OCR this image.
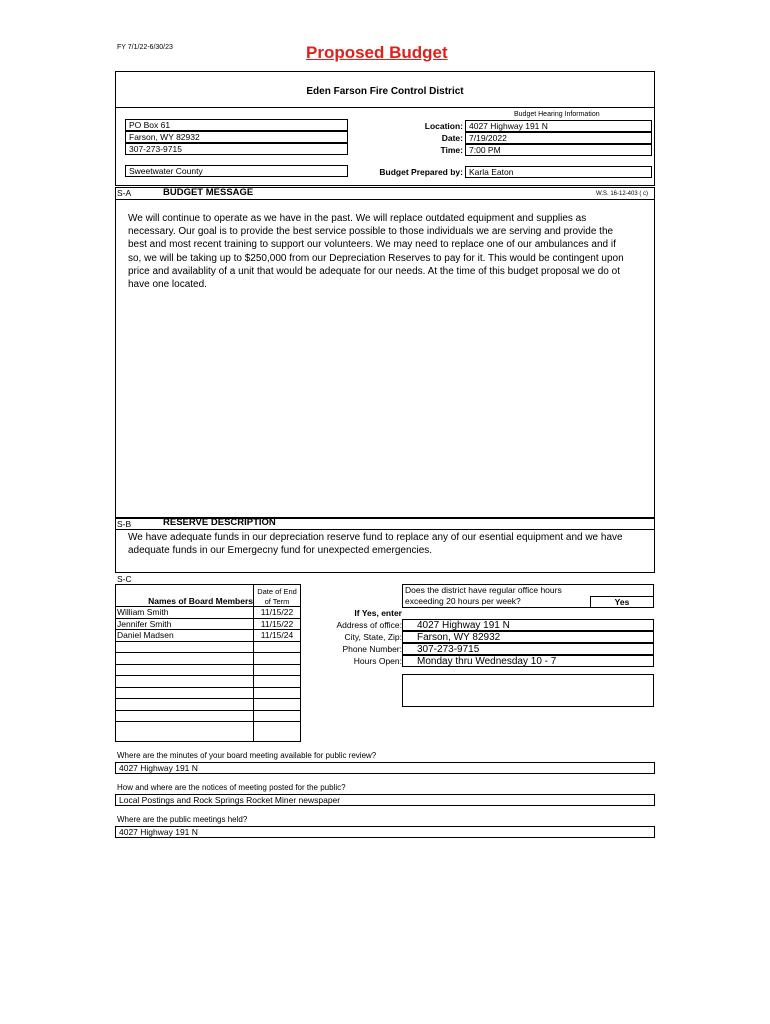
FY 7/1/22-6/30/23	Proposed Budget
Eden Farson Fire Control District
PO Box 61
Farson, WY 82932
307-273-9715
Sweetwater County
Budget Hearing Information
Location: 4027 Highway 191 N
Date: 7/19/2022
Time: 7:00 PM
Budget Prepared by: Karla Eaton
S-A	BUDGET MESSAGE	W.S. 16-12-403 ( c)
We will continue to operate as we have in the past. We will replace outdated equipment and supplies as
necessary. Our goal is to provide the best service possible to those individuals we are serving and provide the
best and most recent training to support our volunteers. We may need to replace one of our ambulances and if
so, we will be taking up to $250,000 from our Depreciation Reserves to pay for it. This would be contingent upon
price and availablity of a unit that would be adequate for our needs. At the time of this budget proposal we do ot
have one located.
S-B	RESERVE DESCRIPTION
We have adequate funds in our depreciation reserve fund to replace any of our esential equipment and we have
adequate funds in our Emergecny fund for unexpected emergencies.
S-C
Names of Board Members
Date of End
of Term
William Smith	11/15/22
Jennifer Smith	11/15/22
Daniel Madsen	11/15/24
Does the district have regular office hours
exceeding 20 hours per week?	Yes
If Yes, enter
Address of office:	4027 Highway 191 N
City, State, Zip:	Farson, WY 82932
Phone Number:	307-273-9715
Hours Open:	Monday thru Wednesday 10 - 7
Where are the minutes of your board meeting available for public review?
4027 Highway 191 N
How and where are the notices of meeting posted for the public?
Local Postings and Rock Springs Rocket Miner newspaper
Where are the public meetings held?
4027 Highway 191 N
